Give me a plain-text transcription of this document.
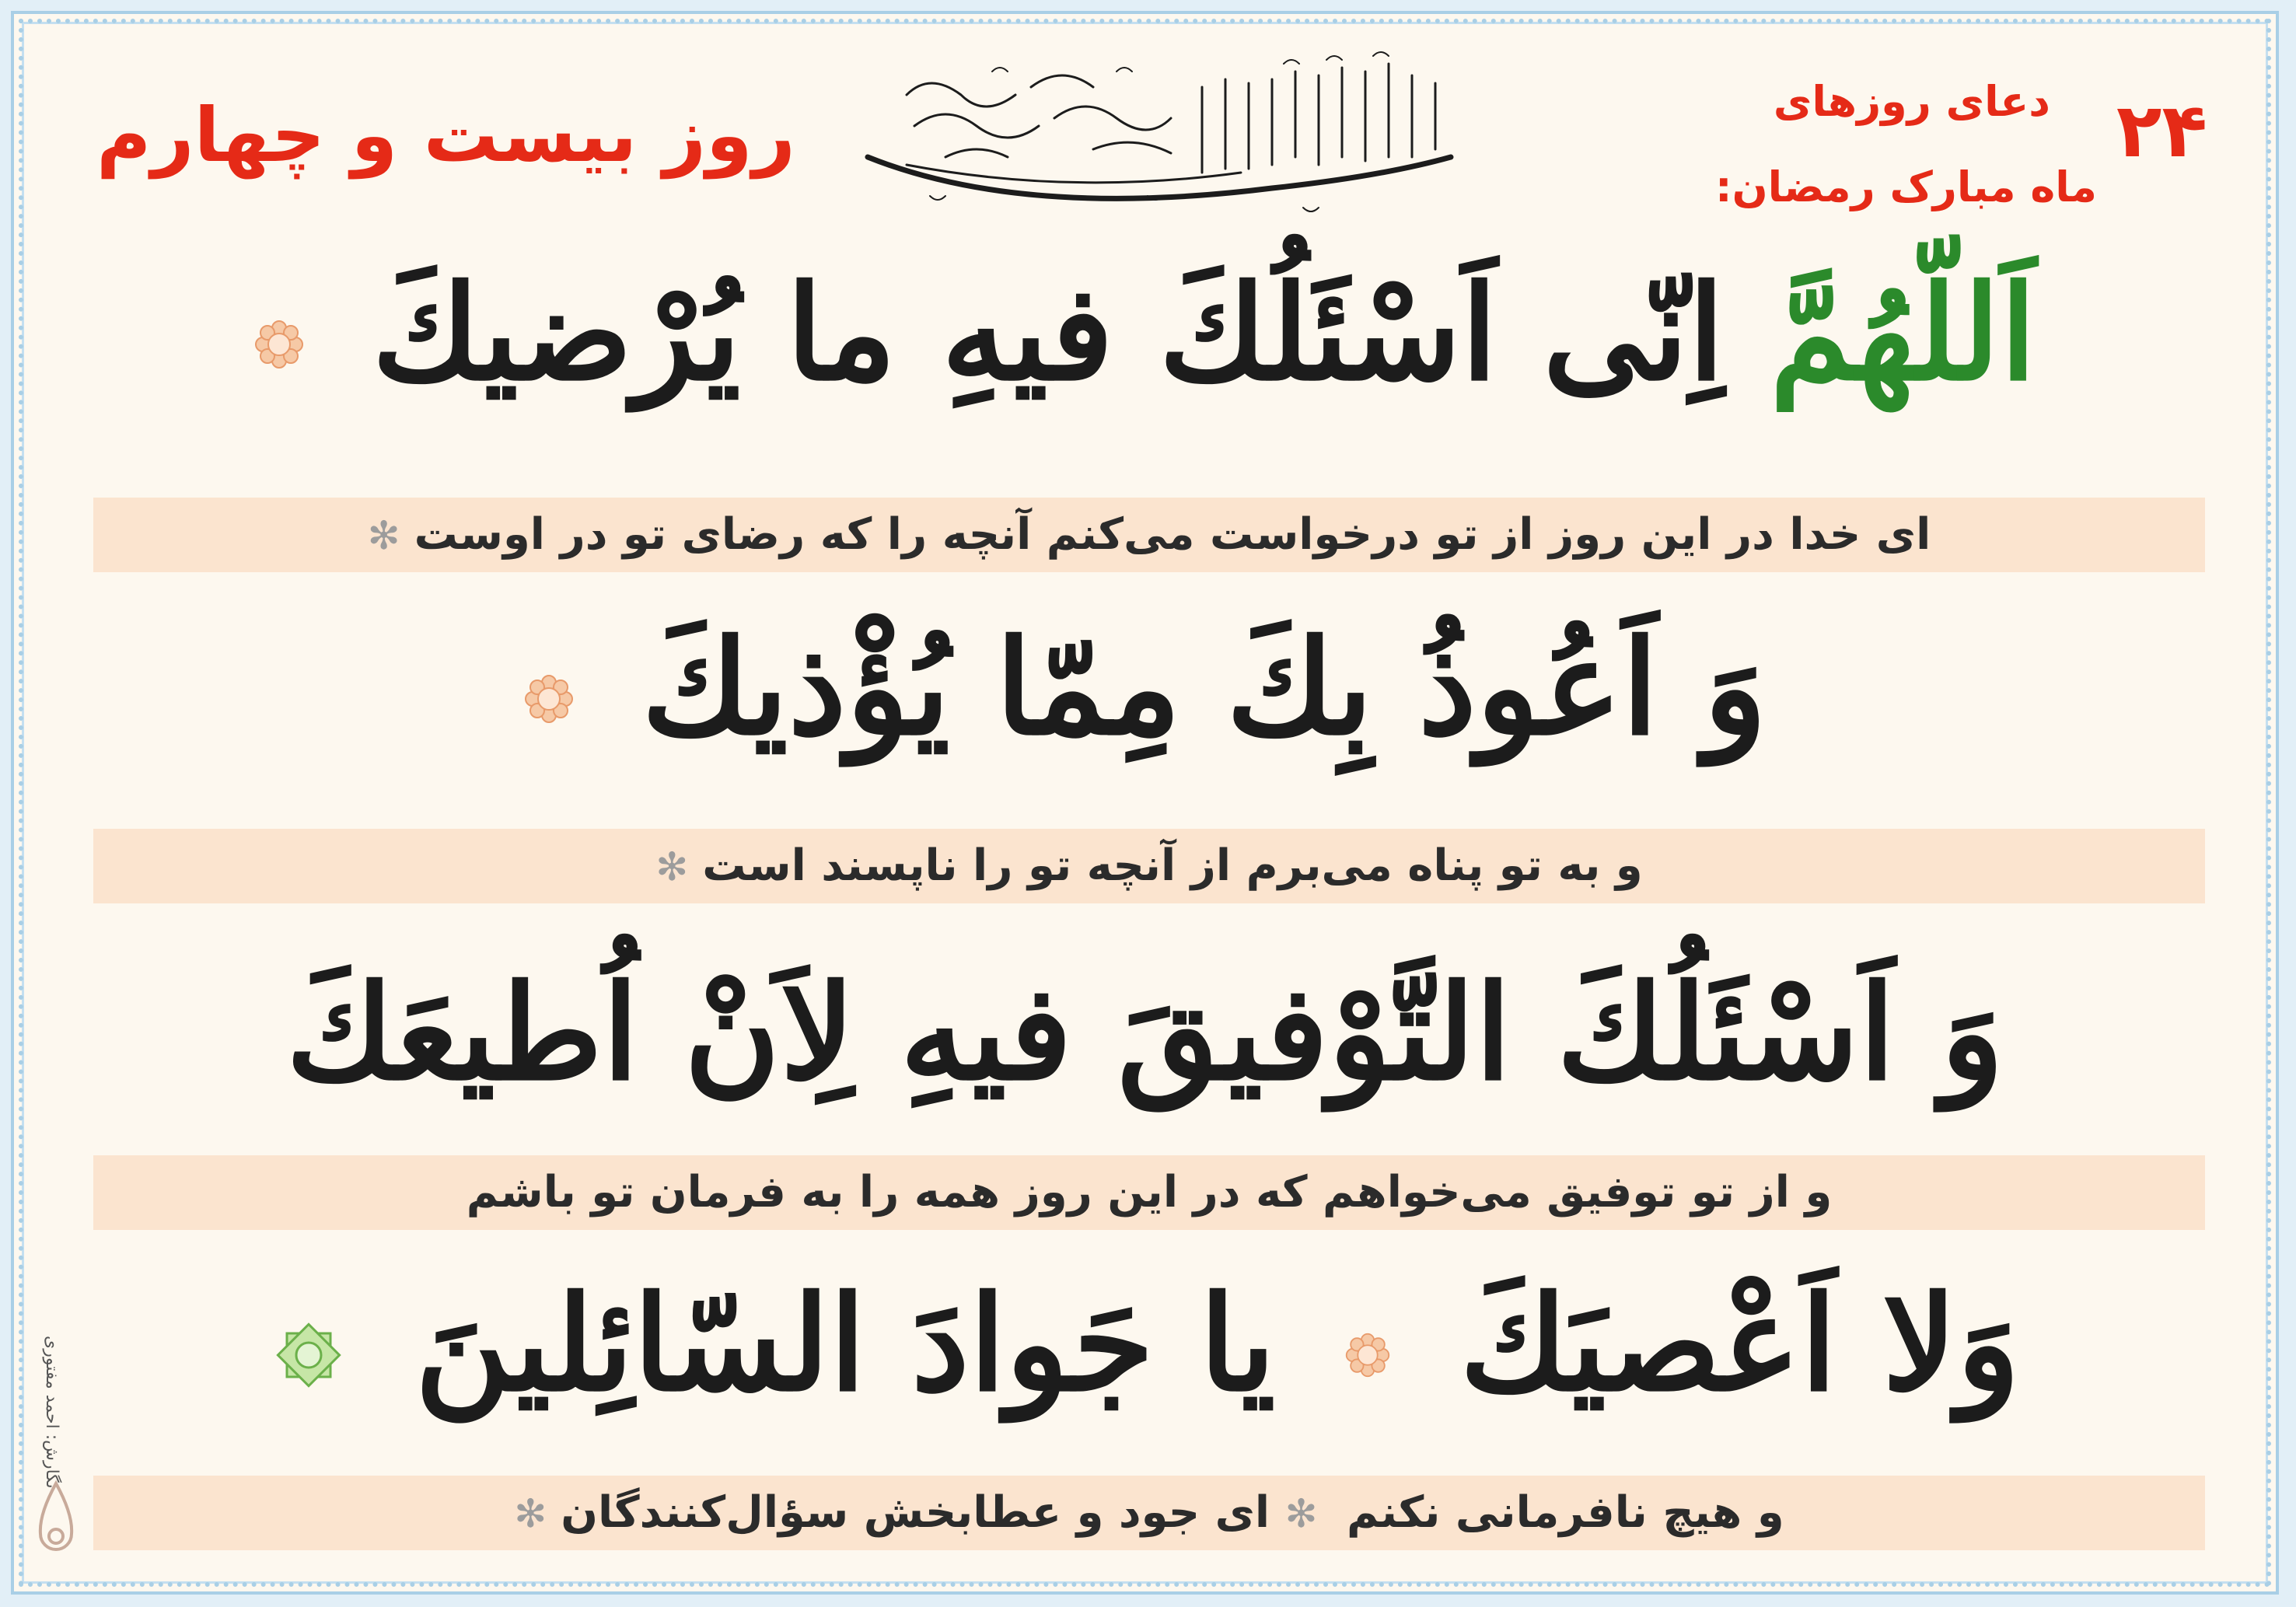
۲۴
دعای روزهای
ماه مبارک رمضان:
روز بیست و چهارم
اَللّهُمَّ اِنّی اَسْئَلُكَ فیهِ ما یُرْضیكَ
ای خدا در این روز از تو درخواست می‌کنم آنچه را که رضای تو در اوست✻
وَ اَعُوذُ بِكَ مِمّا یُؤْذیكَ
و به تو پناه می‌برم از آنچه تو را ناپسند است✻
وَ اَسْئَلُكَ التَّوْفیقَ فیهِ لِاَنْ اُطیعَكَ
و از تو توفیق می‌خواهم که در این روز همه را به فرمان تو باشم
وَلا اَعْصیَكَ  یا جَوادَ السّائِلینَ
و هیچ نافرمانی نکنم ✻ ای جود و عطابخش سؤال‌کنندگان✻
نگارش: احمد مفتوری
